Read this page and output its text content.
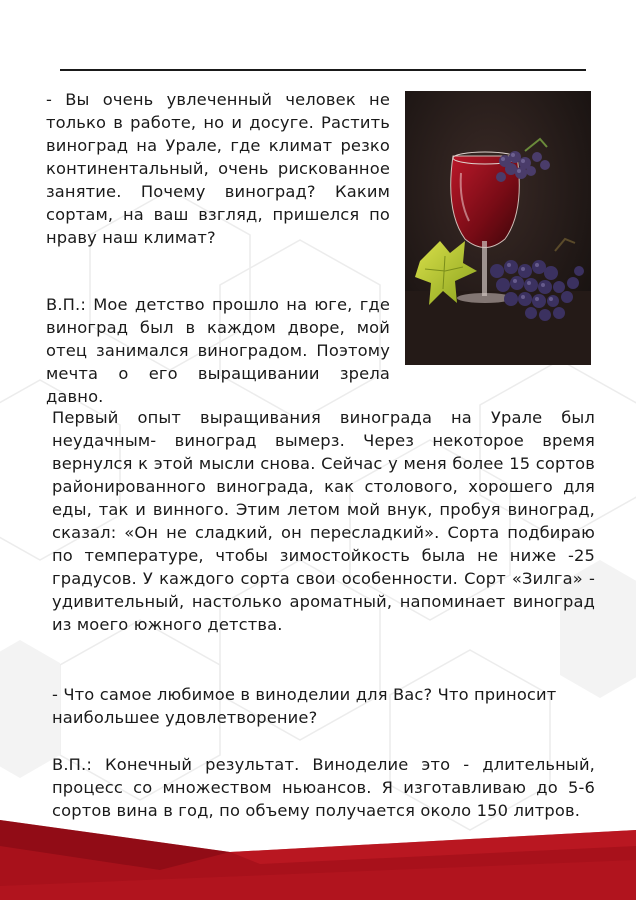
- Вы очень увлеченный человек не только в работе, но и досуге. Растить виноград на Урале, где климат резко континентальный, очень рискованное занятие. Почему виноград? Каким сортам, на ваш взгляд, пришелся по нраву наш климат?

В.П.: Мое детство прошло на юге, где виноград был в каждом дворе, мой отец занимался виноградом. Поэтому мечта о его выращивании зрела давно.

Первый опыт выращивания винограда на Урале был неудачным- виноград вымерз. Через некоторое время вернулся к этой мысли снова. Сейчас у меня более 15 сортов районированного винограда, как столового, хорошего для еды, так и винного. Этим летом мой внук, пробуя виноград, сказал: «Он не сладкий, он пересладкий». Сорта подбираю по температуре, чтобы зимостойкость была не ниже -25 градусов. У каждого сорта свои особенности. Сорт «Зилга» - удивительный, настолько ароматный, напоминает виноград из моего южного детства.

- Что самое любимое в виноделии для Вас? Что приносит наибольшее удовлетворение?

В.П.: Конечный результат. Виноделие это - длительный, процесс со множеством ньюансов. Я изготавливаю до 5-6 сортов вина в год, по объему получается около 150 литров.
